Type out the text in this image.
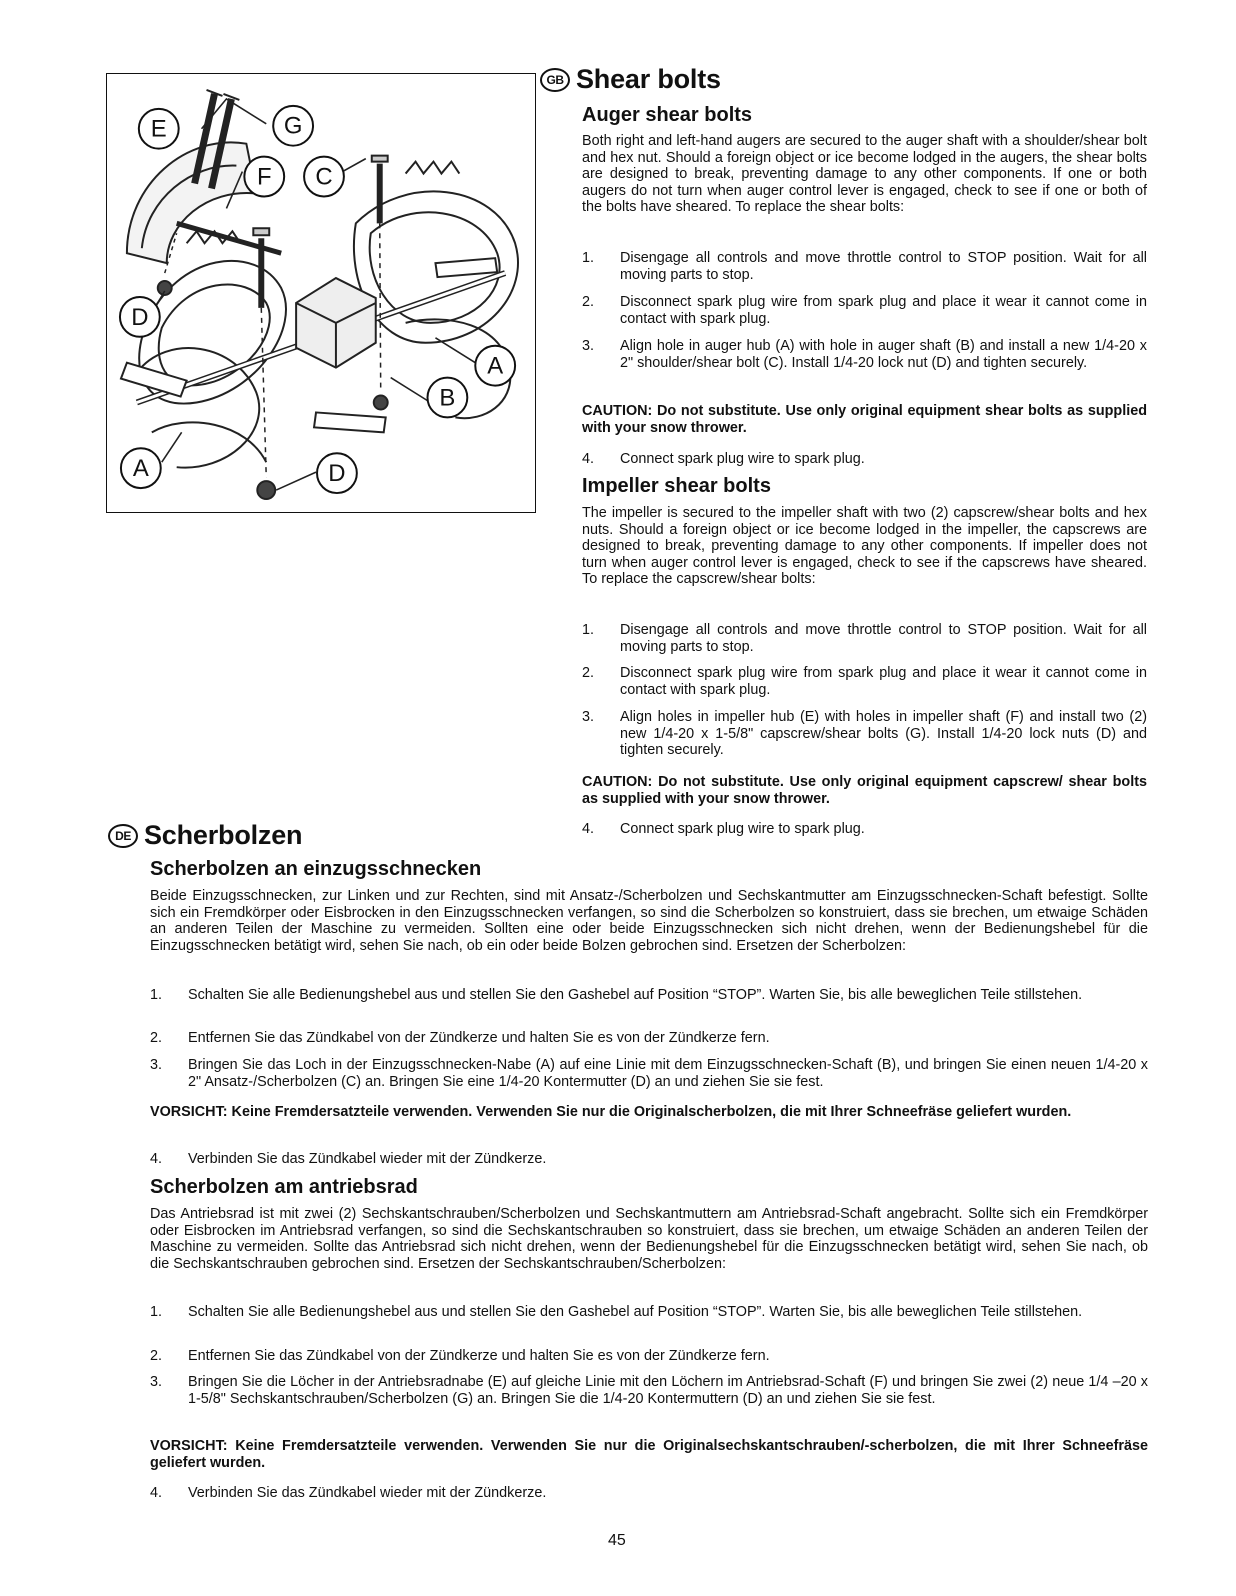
E	G
F C
D
A
B
A	D
GB Shear bolts
Auger shear bolts
Both right and left-hand augers are secured to the auger shaft with a shoulder/shear bolt and hex nut. Should a foreign object or ice become lodged in the augers, the shear bolts are designed to break, preventing damage to any other components. If one or both augers do not turn when auger control lever is engaged, check to see if one or both of the bolts have sheared. To replace the shear bolts:
1. Disengage all controls and move throttle control to STOP position. Wait for all moving parts to stop.
2. Disconnect spark plug wire from spark plug and place it wear it cannot come in contact with spark plug.
3. Align hole in auger hub (A) with hole in auger shaft (B) and install a new 1/4-20 x 2" shoulder/shear bolt (C). Install 1/4-20 lock nut (D) and tighten securely.
CAUTION: Do not substitute. Use only original equipment shear bolts as supplied with your snow thrower.
4. Connect spark plug wire to spark plug.
Impeller shear bolts
The impeller is secured to the impeller shaft with two (2) capscrew/shear bolts and hex nuts. Should a foreign object or ice become lodged in the impeller, the capscrews are designed to break, preventing damage to any other components. If impeller does not turn when auger control lever is engaged, check to see if the capscrews have sheared. To replace the capscrew/shear bolts:
1. Disengage all controls and move throttle control to STOP position. Wait for all moving parts to stop.
2. Disconnect spark plug wire from spark plug and place it wear it cannot come in contact with spark plug.
3. Align holes in impeller hub (E) with holes in impeller shaft (F) and install two (2) new 1/4-20 x 1-5/8" capscrew/shear bolts (G). Install 1/4-20 lock nuts (D) and tighten securely.
CAUTION: Do not substitute. Use only original equipment capscrew/ shear bolts as supplied with your snow thrower.
4. Connect spark plug wire to spark plug.
DE Scherbolzen
Scherbolzen an einzugsschnecken
Beide Einzugsschnecken, zur Linken und zur Rechten, sind mit Ansatz-/Scherbolzen und Sechskantmutter am Einzugsschnecken-Schaft befestigt. Sollte sich ein Fremdkörper oder Eisbrocken in den Einzugsschnecken verfangen, so sind die Scherbolzen so konstruiert, dass sie brechen, um etwaige Schäden an anderen Teilen der Maschine zu vermeiden. Sollten eine oder beide Einzugsschnecken sich nicht drehen, wenn der Bedienungshebel für die Einzugsschnecken betätigt wird, sehen Sie nach, ob ein oder beide Bolzen gebrochen sind. Ersetzen der Scherbolzen:
1. Schalten Sie alle Bedienungshebel aus und stellen Sie den Gashebel auf Position “STOP”. Warten Sie, bis alle beweglichen Teile stillstehen.
2. Entfernen Sie das Zündkabel von der Zündkerze und halten Sie es von der Zündkerze fern.
3. Bringen Sie das Loch in der Einzugsschnecken-Nabe (A) auf eine Linie mit dem Einzugsschnecken-Schaft (B), und bringen Sie einen neuen 1/4-20 x 2" Ansatz-/Scherbolzen (C) an. Bringen Sie eine 1/4-20 Kontermutter (D) an und ziehen Sie sie fest.
VORSICHT: Keine Fremdersatzteile verwenden. Verwenden Sie nur die Originalscherbolzen, die mit Ihrer Schneefräse geliefert wurden.
4. Verbinden Sie das Zündkabel wieder mit der Zündkerze.
Scherbolzen am antriebsrad
Das Antriebsrad ist mit zwei (2) Sechskantschrauben/Scherbolzen und Sechskantmuttern am Antriebsrad-Schaft angebracht. Sollte sich ein Fremdkörper oder Eisbrocken im Antriebsrad verfangen, so sind die Sechskantschrauben so konstruiert, dass sie brechen, um etwaige Schäden an anderen Teilen der Maschine zu vermeiden. Sollte das Antriebsrad sich nicht drehen, wenn der Bedienungshebel für die Einzugsschnecken betätigt wird, sehen Sie nach, ob die Sechskantschrauben gebrochen sind. Ersetzen der Sechskantschrauben/Scherbolzen:
1. Schalten Sie alle Bedienungshebel aus und stellen Sie den Gashebel auf Position “STOP”. Warten Sie, bis alle beweglichen Teile stillstehen.
2. Entfernen Sie das Zündkabel von der Zündkerze und halten Sie es von der Zündkerze fern.
3. Bringen Sie die Löcher in der Antriebsradnabe (E) auf gleiche Linie mit den Löchern im Antriebsrad-Schaft (F) und bringen Sie zwei (2) neue 1/4 –20 x 1-5/8" Sechskantschrauben/Scherbolzen (G) an. Bringen Sie die 1/4-20 Kontermuttern (D) an und ziehen Sie sie fest.
VORSICHT: Keine Fremdersatzteile verwenden. Verwenden Sie nur die Originalsechskantschrauben/-scherbolzen, die mit Ihrer Schneefräse geliefert wurden.
4. Verbinden Sie das Zündkabel wieder mit der Zündkerze.
45
